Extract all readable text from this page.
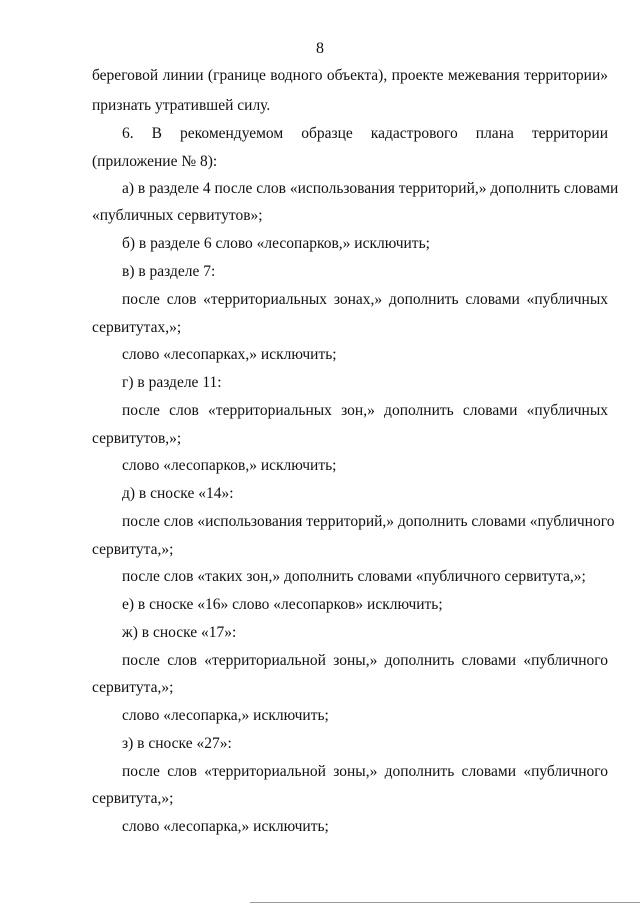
8
береговой линии (границе водного объекта), проекте межевания территории»
признать утратившей силу.
6. В рекомендуемом образце кадастрового плана территории
(приложение № 8):
а) в разделе 4 после слов «использования территорий,» дополнить словами
«публичных сервитутов»;
б) в разделе 6 слово «лесопарков,» исключить;
в) в разделе 7:
после слов «территориальных зонах,» дополнить словами «публичных
сервитутах,»;
слово «лесопарках,» исключить;
г) в разделе 11:
после слов «территориальных зон,» дополнить словами «публичных
сервитутов,»;
слово «лесопарков,» исключить;
д) в сноске «14»:
после слов «использования территорий,» дополнить словами «публичного
сервитута,»;
после слов «таких зон,» дополнить словами «публичного сервитута,»;
е) в сноске «16» слово «лесопарков» исключить;
ж) в сноске «17»:
после слов «территориальной зоны,» дополнить словами «публичного
сервитута,»;
слово «лесопарка,» исключить;
з) в сноске «27»:
после слов «территориальной зоны,» дополнить словами «публичного
сервитута,»;
слово «лесопарка,» исключить;
